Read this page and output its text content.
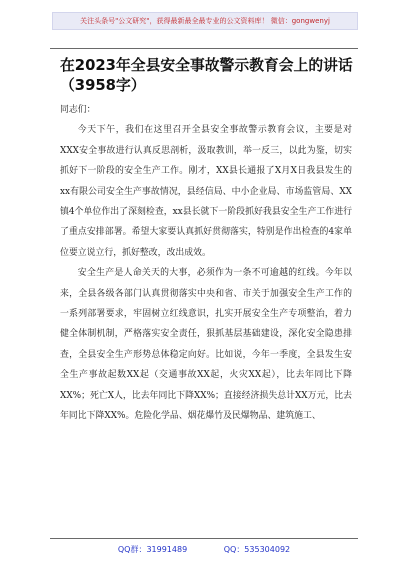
关注头条号"公文研究"，获得最新最全最专业的公文资料库！ 微信：gongwenyj
在2023年全县安全事故警示教育会上的讲话（3958字）

同志们：

今天下午，我们在这里召开全县安全事故警示教育会议，主要是对XXX安全事故进行认真反思剖析，汲取教训，举一反三，以此为鉴，切实抓好下一阶段的安全生产工作。刚才，XX县长通报了X月X日我县发生的xx有限公司安全生产事故情况，县经信局、中小企业局、市场监管局、XX镇4个单位作出了深刻检查，xx县长就下一阶段抓好我县安全生产工作进行了重点安排部署。希望大家要认真抓好贯彻落实，特别是作出检查的4家单位要立说立行，抓好整改，改出成效。

安全生产是人命关天的大事，必须作为一条不可逾越的红线。今年以来，全县各级各部门认真贯彻落实中央和省、市关于加强安全生产工作的一系列部署要求，牢固树立红线意识，扎实开展安全生产专项整治，着力健全体制机制，严格落实安全责任，狠抓基层基础建设，深化安全隐患排查，全县安全生产形势总体稳定向好。比如说，今年一季度，全县发生安全生产事故起数XX起（交通事故XX起，火灾XX起），比去年同比下降XX%；死亡X人，比去年同比下降XX%；直接经济损失总计XX万元，比去年同比下降XX%。危险化学品、烟花爆竹及民爆物品、建筑施工、

QQ群：31991489	QQ：535304092
